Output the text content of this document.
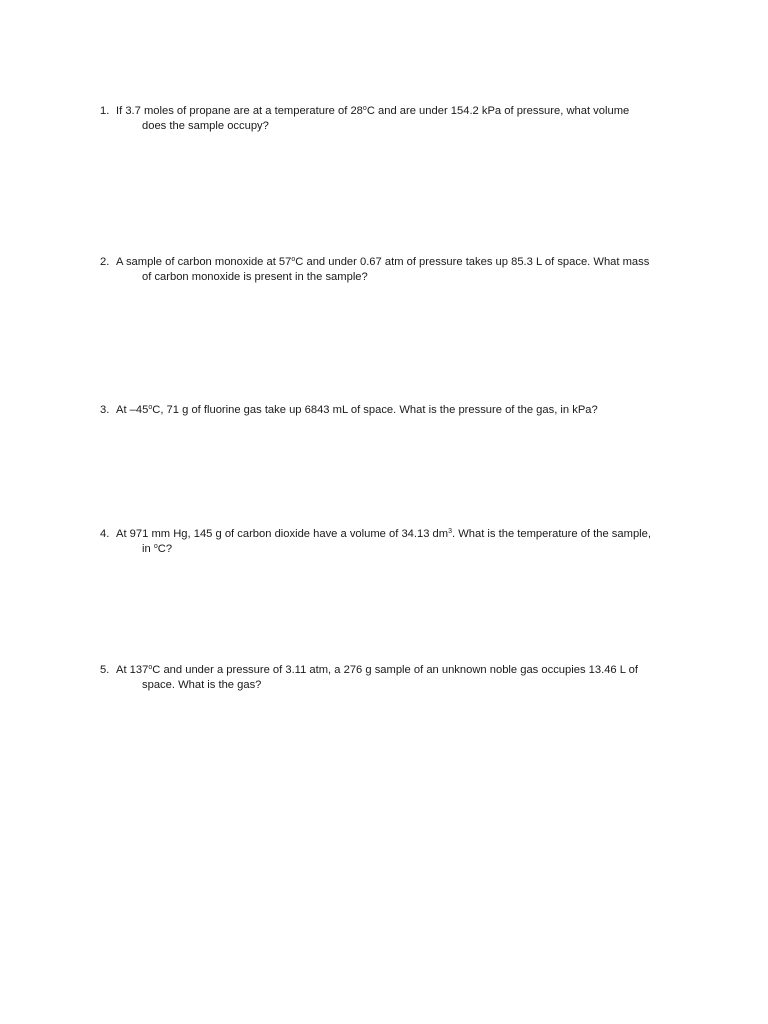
1. If 3.7 moles of propane are at a temperature of 28$^o$C and are under 154.2 kPa of pressure, what volume
does the sample occupy?
2. A sample of carbon monoxide at 57$^o$C and under 0.67 atm of pressure takes up 85.3 L of space. What mass
of carbon monoxide is present in the sample?
3. At –45$^o$C, 71 g of fluorine gas take up 6843 mL of space. What is the pressure of the gas, in kPa?
4. At 971 mm Hg, 145 g of carbon dioxide have a volume of 34.13 $dm^3$. What is the temperature of the sample,
in $^o$C?
5. At 137$^o$C and under a pressure of 3.11 atm, a 276 g sample of an unknown noble gas occupies 13.46 L of
space. What is the gas?
